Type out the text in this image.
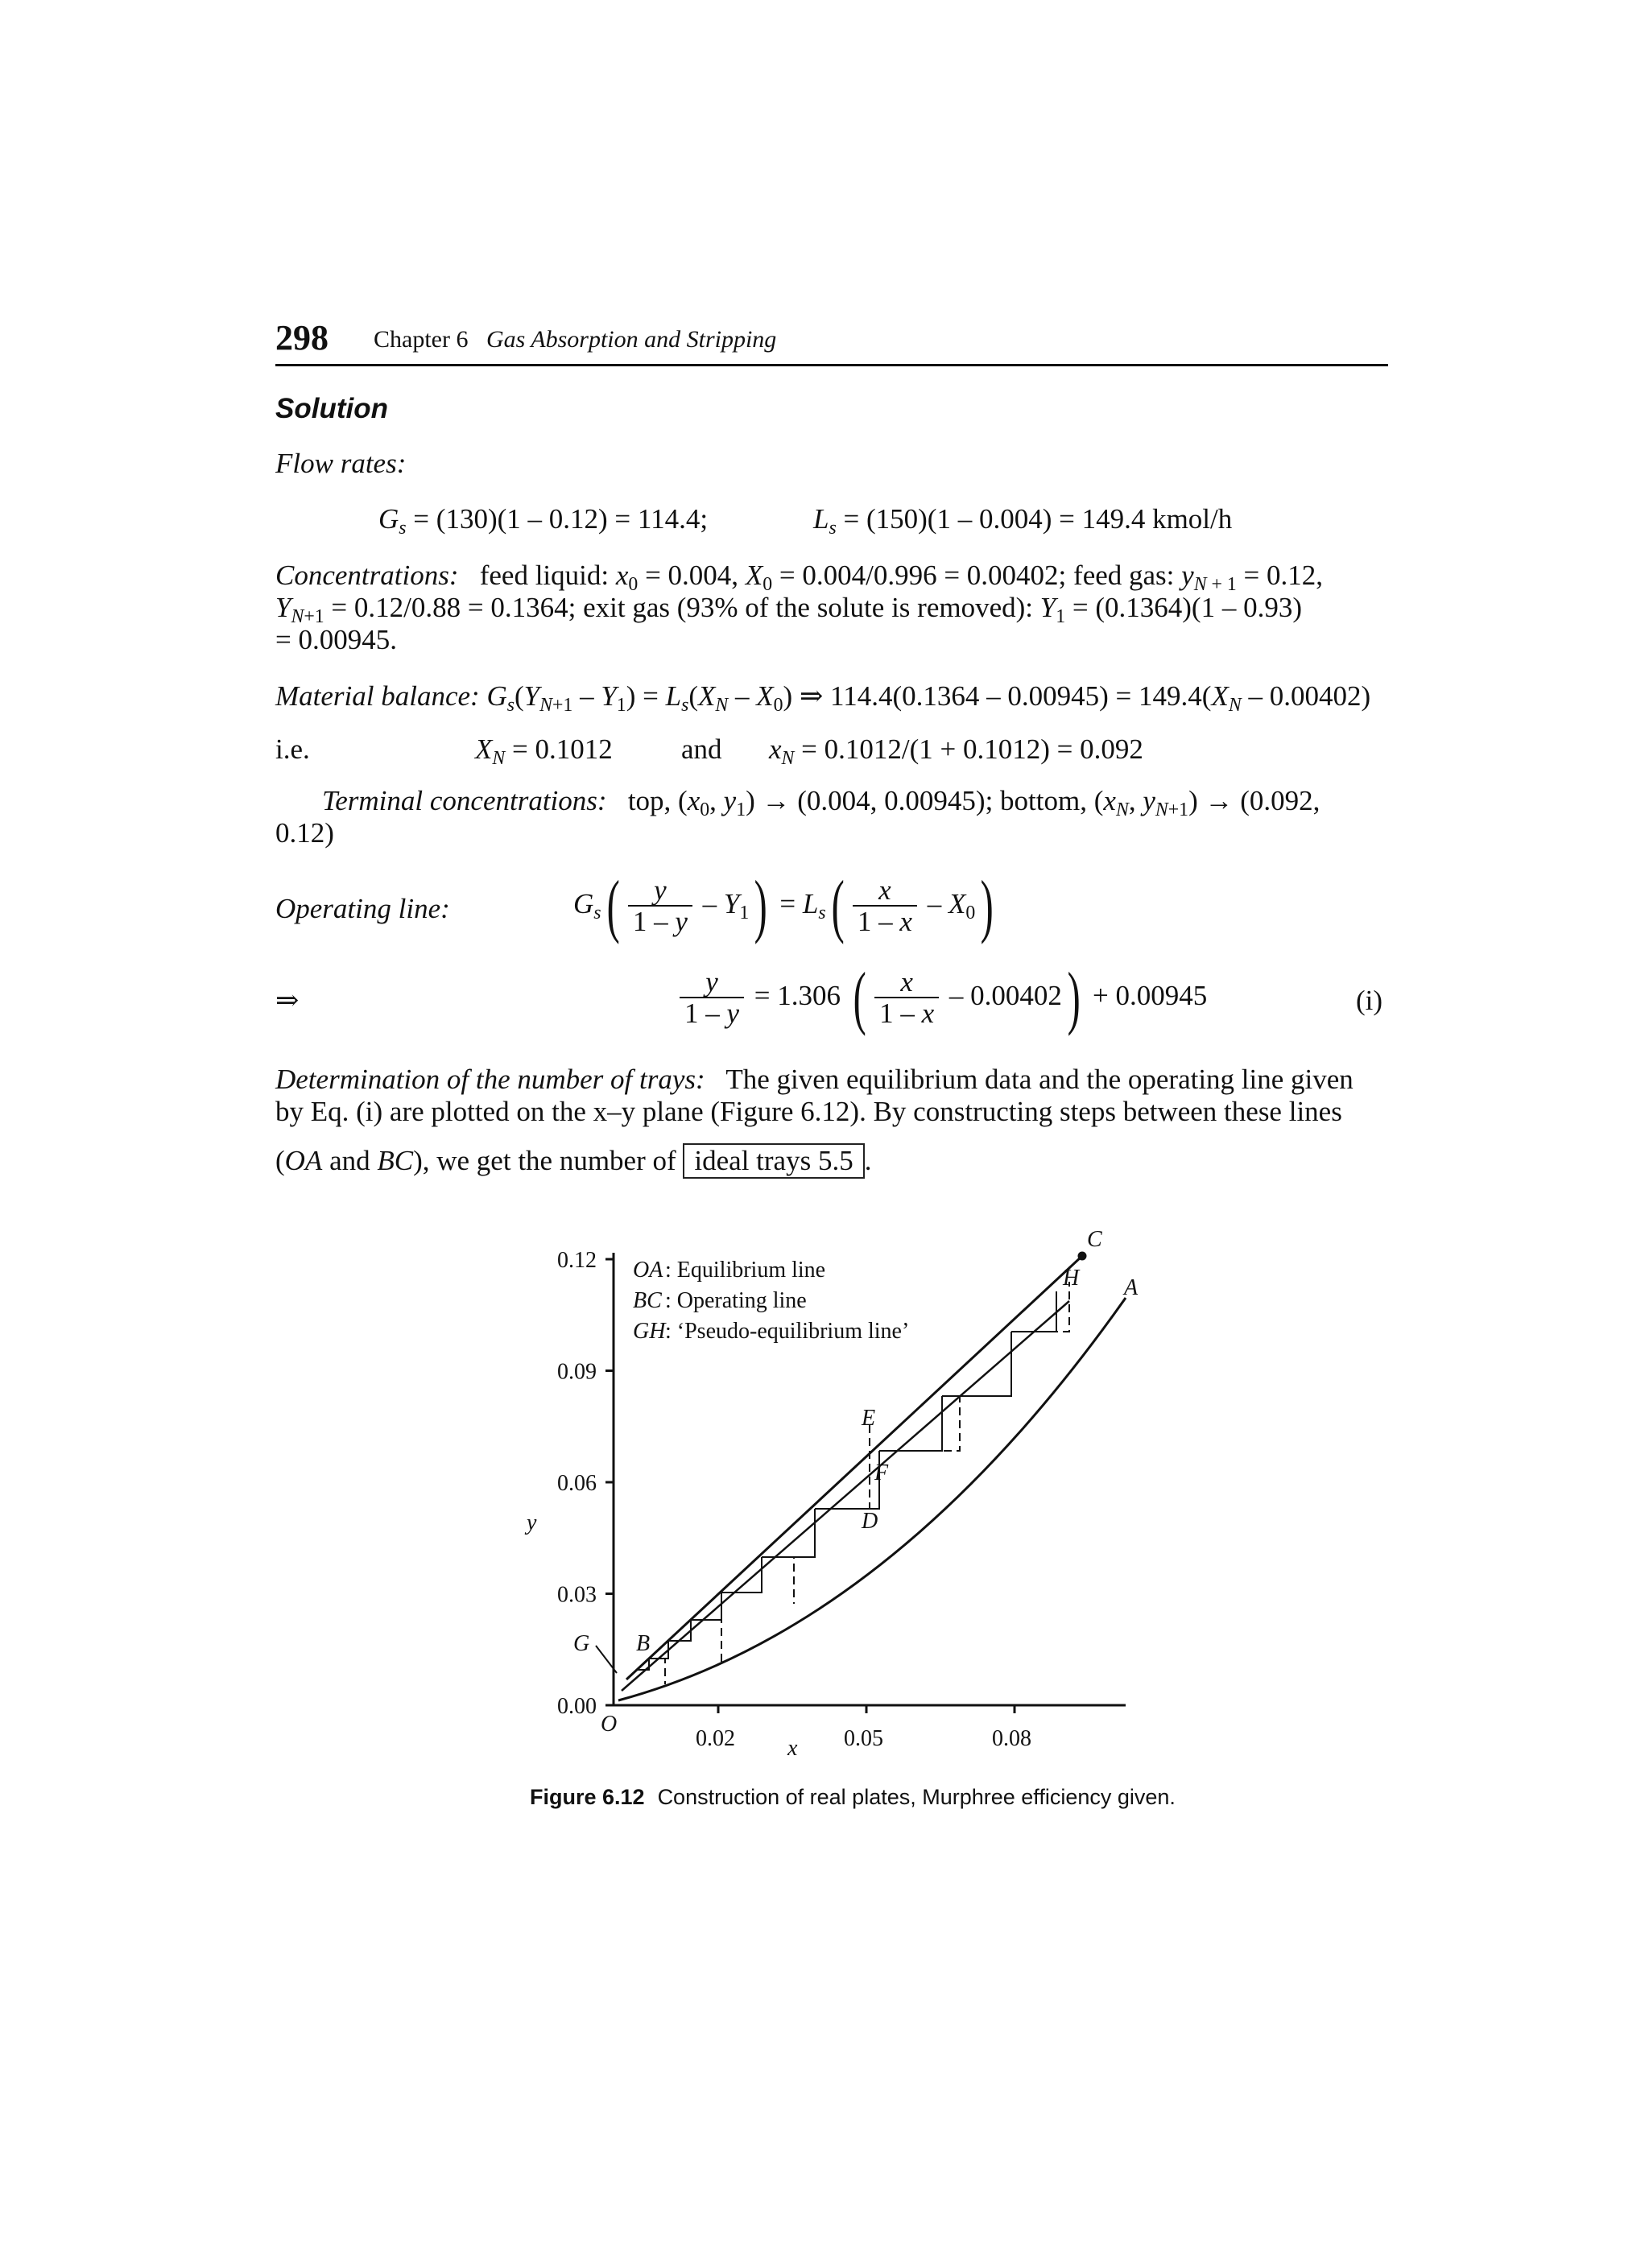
298 Chapter 6 Gas Absorption and Stripping
Solution
Flow rates:
$G_s = (130)(1 - 0.12) = 114.4$;	$L_s = (150)(1 - 0.004) = 149.4$ kmol/h
Concentrations: feed liquid: $x_0 = 0.004$, $X_0 = 0.004/0.996 = 0.00402$; feed gas: $y_N$ $_{+ 1}$ = 0.12,
$Y_{N+1} = 0.12/0.88 = 0.1364$; exit gas (93% of the solute is removed): $Y_1 = (0.1364)(1 - 0.93)$
= 0.00945.
Material balance: $G_s(Y_{N+1} - Y_1) = L_s(X_N - X_0)$ ⇒ $114.4(0.1364 - 0.00945) = 149.4(X_N - 0.00402)$
i.e.	$X_N = 0.1012$ and $x_N = 0.1012/(1 + 0.1012) = 0.092$
Terminal concentrations: top, ($x_0$, $y_1) \to (0.004$, 0.00945); bottom, ($x_N$, $y_{N+1}) \to (0.092$,
0.12)
Operating line:	$G_s( \frac{y}{1 - y} - Y_1) = L_s( \frac{x}{1 - x} - X_0)$
⇒	$\frac{y}{1 - y} = 1.306$ ( $\frac{x}{1 - x} - 0.00402) + 0.00945$	(i)
Determination of the number of trays: The given equilibrium data and the operating line given
by Eq. (i) are plotted on the x–y plane (Figure 6.12). By constructing steps between these lines
(OA and BC), we get the number of ideal trays 5.5 .
0.12
0.09
0.06
0.03
0.00
0.02	0.05	0.08
O
x
y
C
H A
E
F
D
G B
OA : Equilibrium line
BC : Operating line
GH : ‘Pseudo-equilibrium line’
Figure 6.12 Construction of real plates, Murphree efficiency given.
